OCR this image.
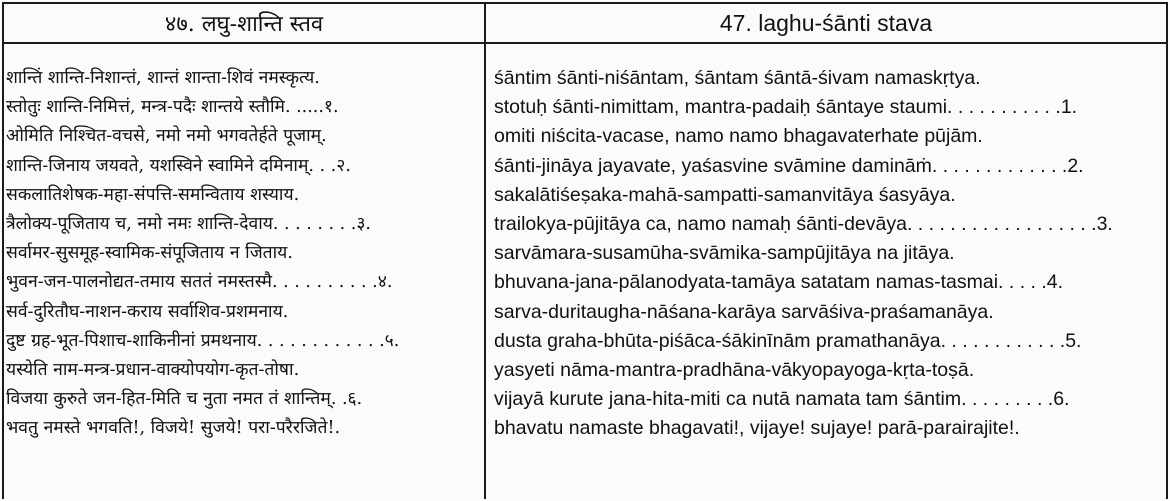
४७. लघु-शान्ति स्तव	47. laghu-śānti stava
शान्तिं शान्ति-निशान्तं, शान्तं शान्ता-शिवं नमस्कृत्य.
स्तोतुः शान्ति-निमित्तं, मन्त्र-पदैः शान्तये स्तौमि. .....१.
ओमिति निश्चित-वचसे, नमो नमो भगवतेर्हते पूजाम्.
शान्ति-जिनाय जयवते, यशस्विने स्वामिने दमिनाम्. . .२.
सकलातिशेषक-महा-संपत्ति-समन्विताय शस्याय.
त्रैलोक्य-पूजिताय च, नमो नमः शान्ति-देवाय. . . . . . . .३.
सर्वामर-सुसमूह-स्वामिक-संपूजिताय न जिताय.
भुवन-जन-पालनोद्यत-तमाय सततं नमस्तस्मै. . . . . . . . . .४.
सर्व-दुरितौघ-नाशन-कराय सर्वाशिव-प्रशमनाय.
दुष्ट ग्रह-भूत-पिशाच-शाकिनीनां प्रमथनाय. . . . . . . . . . . .५.
यस्येति नाम-मन्त्र-प्रधान-वाक्योपयोग-कृत-तोषा.
विजया कुरुते जन-हित-मिति च नुता नमत तं शान्तिम्. .६.
भवतु नमस्ते भगवति!, विजये! सुजये! परा-परैरजिते!.
śāntim śānti-niśāntam, śāntam śāntā-śivam namaskṛtya.
stotuḥ śānti-nimittam, mantra-padaiḥ śāntaye staumi. . . . . . . . . . .1.
omiti niścita-vacase, namo namo bhagavaterhate pūjām.
śānti-jināya jayavate, yaśasvine svāmine damināṁ. . . . . . . . . . . . .2.
sakalātiśeṣaka-mahā-sampatti-samanvitāya śasyāya.
trailokya-pūjitāya ca, namo namaḥ śānti-devāya. . . . . . . . . . . . . . . . . .3.
sarvāmara-susamūha-svāmika-sampūjitāya na jitāya.
bhuvana-jana-pālanodyata-tamāya satatam namas-tasmai. . . . .4.
sarva-duritaugha-nāśana-karāya sarvāśiva-praśamanāya.
dusta graha-bhūta-piśāca-śākinīnām pramathanāya. . . . . . . . . . . .5.
yasyeti nāma-mantra-pradhāna-vākyopayoga-kṛta-toṣā.
vijayā kurute jana-hita-miti ca nutā namata tam śāntim. . . . . . . . .6.
bhavatu namaste bhagavati!, vijaye! sujaye! parā-parairajite!.
